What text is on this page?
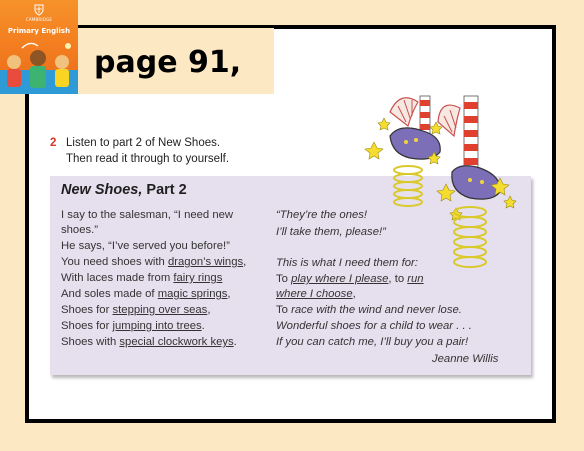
CAMBRIDGE
Primary English
page 91,
2 Listen to part 2 of New Shoes.
Then read it through to yourself.
New Shoes, Part 2
I say to the salesman, “I need new
shoes.”
He says, “I’ve served you before!”
You need shoes with dragon’s wings,
With laces made from fairy rings
And soles made of magic springs,
Shoes for stepping over seas,
Shoes for jumping into trees.
Shoes with special clockwork keys.
“They’re the ones!
I’ll take them, please!”
This is what I need them for:
To play where I please, to run
where I choose,
To race with the wind and never lose.
Wonderful shoes for a child to wear . . .
If you can catch me, I’ll buy you a pair!
Jeanne Willis
